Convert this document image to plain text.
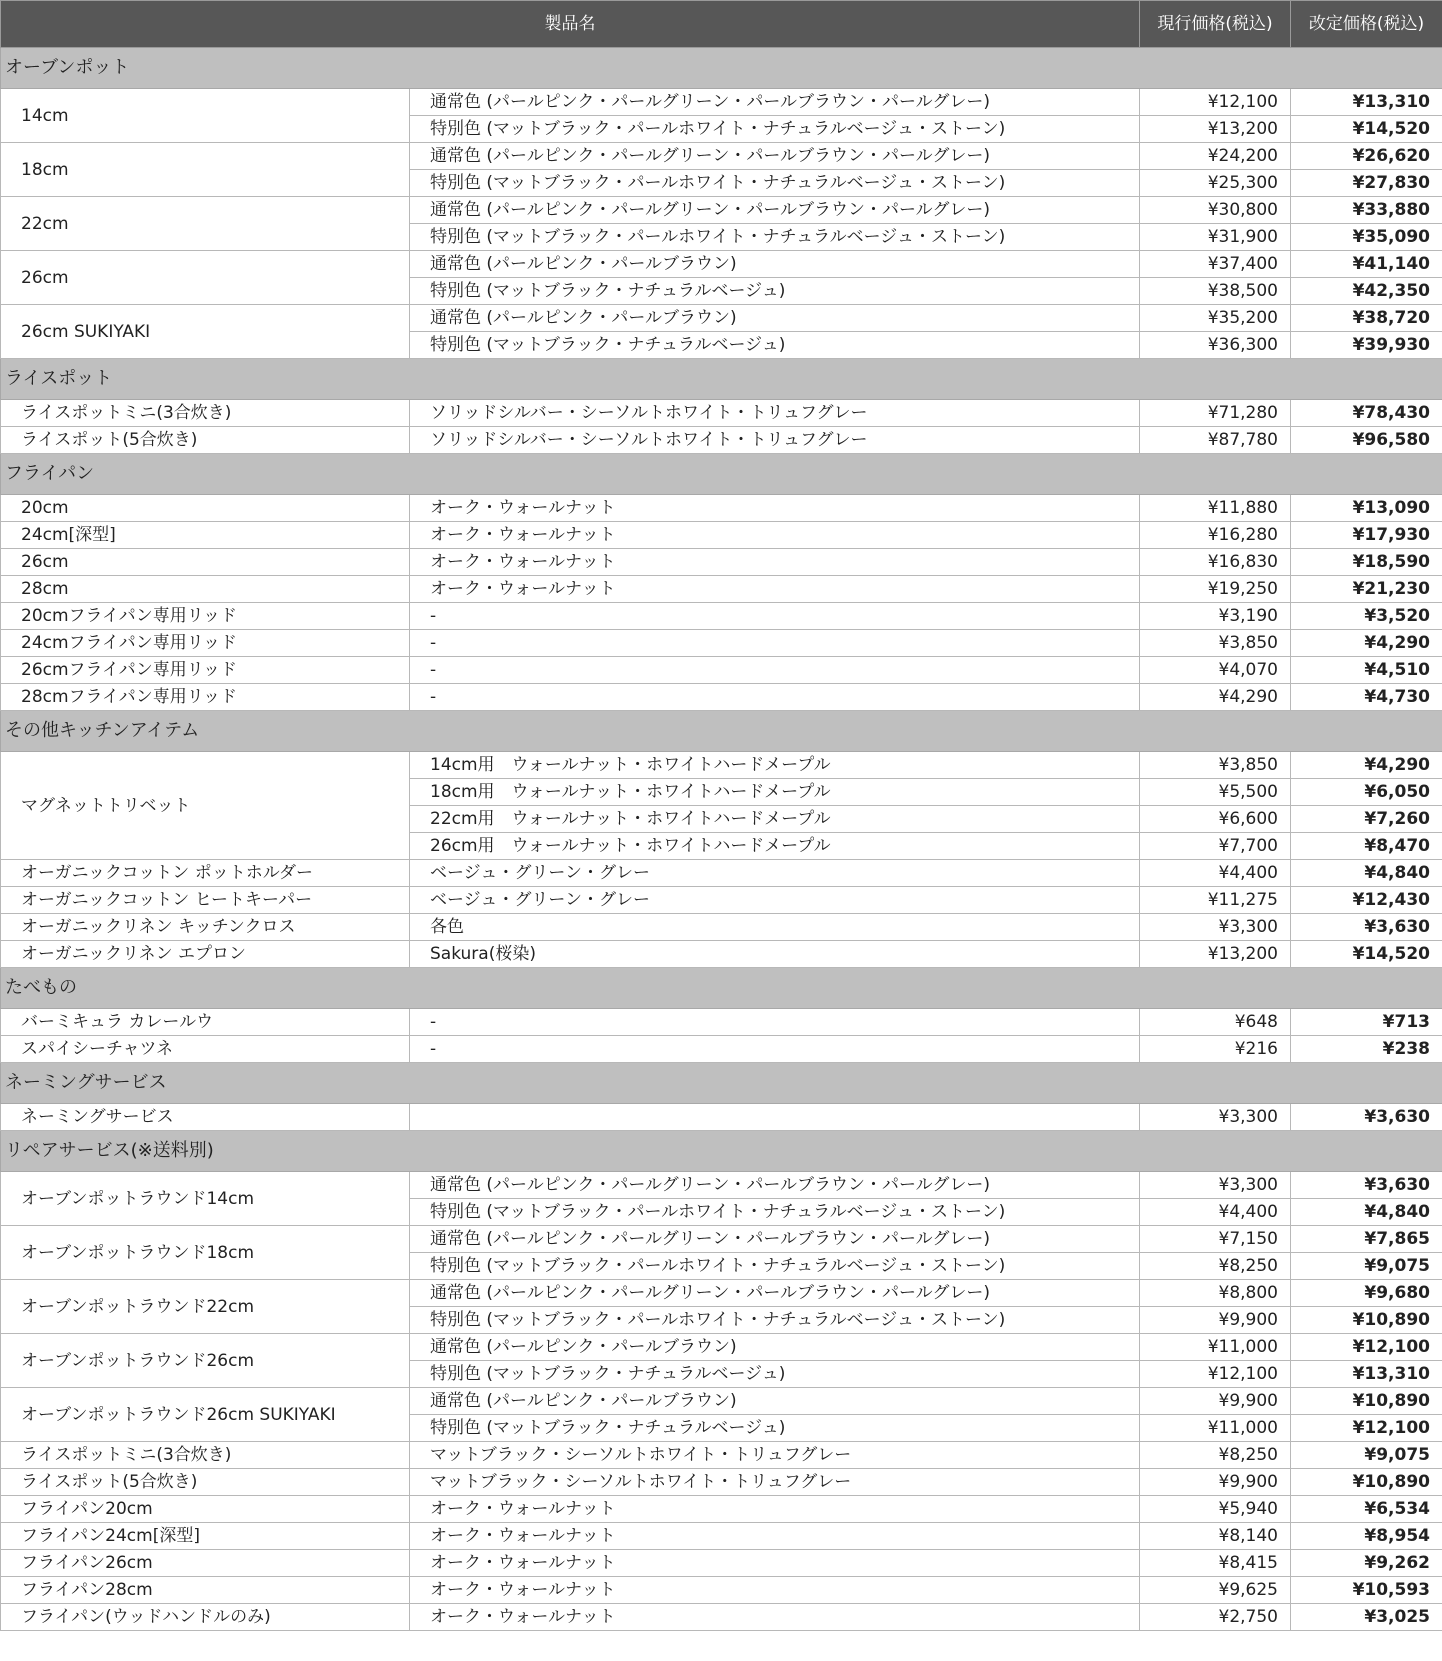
製品名		現行価格(税込)	改定価格(税込)
オーブンポット			
14cm	通常色 (パールピンク・パールグリーン・パールブラウン・パールグレー)	¥12,100	¥13,310
	特別色 (マットブラック・パールホワイト・ナチュラルベージュ・ストーン)	¥13,200	¥14,520
18cm	通常色 (パールピンク・パールグリーン・パールブラウン・パールグレー)	¥24,200	¥26,620
	特別色 (マットブラック・パールホワイト・ナチュラルベージュ・ストーン)	¥25,300	¥27,830
22cm	通常色 (パールピンク・パールグリーン・パールブラウン・パールグレー)	¥30,800	¥33,880
	特別色 (マットブラック・パールホワイト・ナチュラルベージュ・ストーン)	¥31,900	¥35,090
26cm	通常色 (パールピンク・パールブラウン)	¥37,400	¥41,140
	特別色 (マットブラック・ナチュラルベージュ)	¥38,500	¥42,350
26cm SUKIYAKI	通常色 (パールピンク・パールブラウン)	¥35,200	¥38,720
	特別色 (マットブラック・ナチュラルベージュ)	¥36,300	¥39,930
ライスポット			
ライスポットミニ(3合炊き)	ソリッドシルバー・シーソルトホワイト・トリュフグレー	¥71,280	¥78,430
ライスポット(5合炊き)	ソリッドシルバー・シーソルトホワイト・トリュフグレー	¥87,780	¥96,580
フライパン			
20cm	オーク・ウォールナット	¥11,880	¥13,090
24cm[深型]	オーク・ウォールナット	¥16,280	¥17,930
26cm	オーク・ウォールナット	¥16,830	¥18,590
28cm	オーク・ウォールナット	¥19,250	¥21,230
20cmフライパン専用リッド	-	¥3,190	¥3,520
24cmフライパン専用リッド	-	¥3,850	¥4,290
26cmフライパン専用リッド	-	¥4,070	¥4,510
28cmフライパン専用リッド	-	¥4,290	¥4,730
その他キッチンアイテム			
マグネットトリベット	14cm用　ウォールナット・ホワイトハードメープル	¥3,850	¥4,290
	18cm用　ウォールナット・ホワイトハードメープル	¥5,500	¥6,050
	22cm用　ウォールナット・ホワイトハードメープル	¥6,600	¥7,260
	26cm用　ウォールナット・ホワイトハードメープル	¥7,700	¥8,470
オーガニックコットン ポットホルダー	ベージュ・グリーン・グレー	¥4,400	¥4,840
オーガニックコットン ヒートキーパー	ベージュ・グリーン・グレー	¥11,275	¥12,430
オーガニックリネン キッチンクロス	各色	¥3,300	¥3,630
オーガニックリネン エプロン	Sakura(桜染)	¥13,200	¥14,520
たべもの			
バーミキュラ カレールウ	-	¥648	¥713
スパイシーチャツネ	-	¥216	¥238
ネーミングサービス			
ネーミングサービス		¥3,300	¥3,630
リペアサービス(※送料別)			
オーブンポットラウンド14cm	通常色 (パールピンク・パールグリーン・パールブラウン・パールグレー)	¥3,300	¥3,630
	特別色 (マットブラック・パールホワイト・ナチュラルベージュ・ストーン)	¥4,400	¥4,840
オーブンポットラウンド18cm	通常色 (パールピンク・パールグリーン・パールブラウン・パールグレー)	¥7,150	¥7,865
	特別色 (マットブラック・パールホワイト・ナチュラルベージュ・ストーン)	¥8,250	¥9,075
オーブンポットラウンド22cm	通常色 (パールピンク・パールグリーン・パールブラウン・パールグレー)	¥8,800	¥9,680
	特別色 (マットブラック・パールホワイト・ナチュラルベージュ・ストーン)	¥9,900	¥10,890
オーブンポットラウンド26cm	通常色 (パールピンク・パールブラウン)	¥11,000	¥12,100
	特別色 (マットブラック・ナチュラルベージュ)	¥12,100	¥13,310
オーブンポットラウンド26cm SUKIYAKI	通常色 (パールピンク・パールブラウン)	¥9,900	¥10,890
	特別色 (マットブラック・ナチュラルベージュ)	¥11,000	¥12,100
ライスポットミニ(3合炊き)	マットブラック・シーソルトホワイト・トリュフグレー	¥8,250	¥9,075
ライスポット(5合炊き)	マットブラック・シーソルトホワイト・トリュフグレー	¥9,900	¥10,890
フライパン20cm	オーク・ウォールナット	¥5,940	¥6,534
フライパン24cm[深型]	オーク・ウォールナット	¥8,140	¥8,954
フライパン26cm	オーク・ウォールナット	¥8,415	¥9,262
フライパン28cm	オーク・ウォールナット	¥9,625	¥10,593
フライパン(ウッドハンドルのみ)	オーク・ウォールナット	¥2,750	¥3,025
